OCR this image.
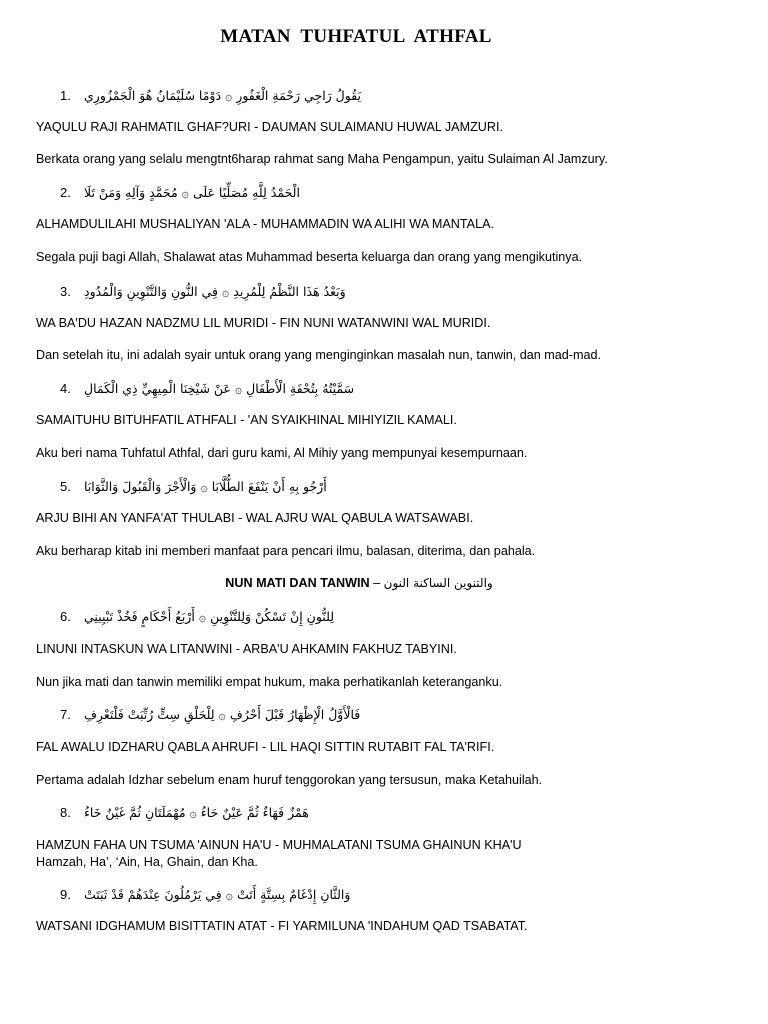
MATAN TUHFATUL ATHFAL
1.	يَقُولُ رَاجِي رَحْمَةِ الْغَفُورِ ۞ دَوْمًا سُلَيْمَانُ هُوَ الْجَمْزُورِي
YAQULU RAJI RAHMATIL GHAF?URI - DAUMAN SULAIMANU HUWAL JAMZURI.
Berkata orang yang selalu mengtnt6harap rahmat sang Maha Pengampun, yaitu Sulaiman Al Jamzury.
2.	الْحَمْدُ لِلَّهِ مُصَلِّيًا عَلَى ۞ مُحَمَّدٍ وَآلِهِ وَمَنْ تَلَا
ALHAMDULILAHI MUSHALIYAN 'ALA - MUHAMMADIN WA ALIHI WA MANTALA.
Segala puji bagi Allah, Shalawat atas Muhammad beserta keluarga dan orang yang mengikutinya.
3.	وَبَعْدُ هَذَا النَّظْمُ لِلْمُرِيدِ ۞ فِي النُّونِ وَالتَّنْوِينِ وَالْمُدُودِ
WA BA'DU HAZAN NADZMU LIL MURIDI - FIN NUNI WATANWINI WAL MURIDI.
Dan setelah itu, ini adalah syair untuk orang yang menginginkan masalah nun, tanwin, dan mad-mad.
4.	سَمَّيْتُهُ بِتُحْفَةِ الْأَطْفَالِ ۞ عَنْ شَيْخِنَا الْمِيهِيِّ ذِي الْكَمَالِ
SAMAITUHU BITUHFATIL ATHFALI - 'AN SYAIKHINAL MIHIYIZIL KAMALI.
Aku beri nama Tuhfatul Athfal, dari guru kami, Al Mihiy yang mempunyai kesempurnaan.
5.	أَرْجُو بِهِ أَنْ يَنْفَعَ الطُّلَّابَا ۞ وَالْأَجْرَ وَالْقَبُولَ وَالثَّوَابَا
ARJU BIHI AN YANFA'AT THULABI - WAL AJRU WAL QABULA WATSAWABI.
Aku berharap kitab ini memberi manfaat para pencari ilmu, balasan, diterima, dan pahala.
NUN MATI DAN TANWIN – والتنوين الساكنة النون
6.	لِلنُّونِ إِنْ تَسْكُنْ وَلِلتَّنْوِينِ ۞ أَرْبَعُ أَحْكَامٍ فَخُذْ تَبْيِينِي
LINUNI INTASKUN WA LITANWINI - ARBA'U AHKAMIN FAKHUZ TABYINI.
Nun jika mati dan tanwin memiliki empat hukum, maka perhatikanlah keteranganku.
7.	فَالْأَوَّلُ الْإِظْهَارُ قَبْلَ أَحْرُفِ ۞ لِلْحَلْقِ سِتٍّ رُتِّبَتْ فَلْتَعْرِفِ
FAL AWALU IDZHARU QABLA AHRUFI - LIL HAQI SITTIN RUTABIT FAL TA'RIFI.
Pertama adalah Idzhar sebelum enam huruf tenggorokan yang tersusun, maka Ketahuilah.
8.	هَمْزٌ فَهَاءٌ ثُمَّ عَيْنٌ حَاءُ ۞ مُهْمَلَتَانِ ثُمَّ غَيْنٌ خَاءُ
HAMZUN FAHA UN TSUMA 'AINUN HA'U - MUHMALATANI TSUMA GHAINUN KHA'U
Hamzah, Ha’, ‘Ain, Ha, Ghain, dan Kha.
9.	وَالثَّانِ إِدْغَامٌ بِسِتَّةٍ أَتَتْ ۞ فِي يَرْمُلُونَ عِنْدَهُمْ قَدْ ثَبَتَتْ
WATSANI IDGHAMUM BISITTATIN ATAT - FI YARMILUNA 'INDAHUM QAD TSABATAT.
